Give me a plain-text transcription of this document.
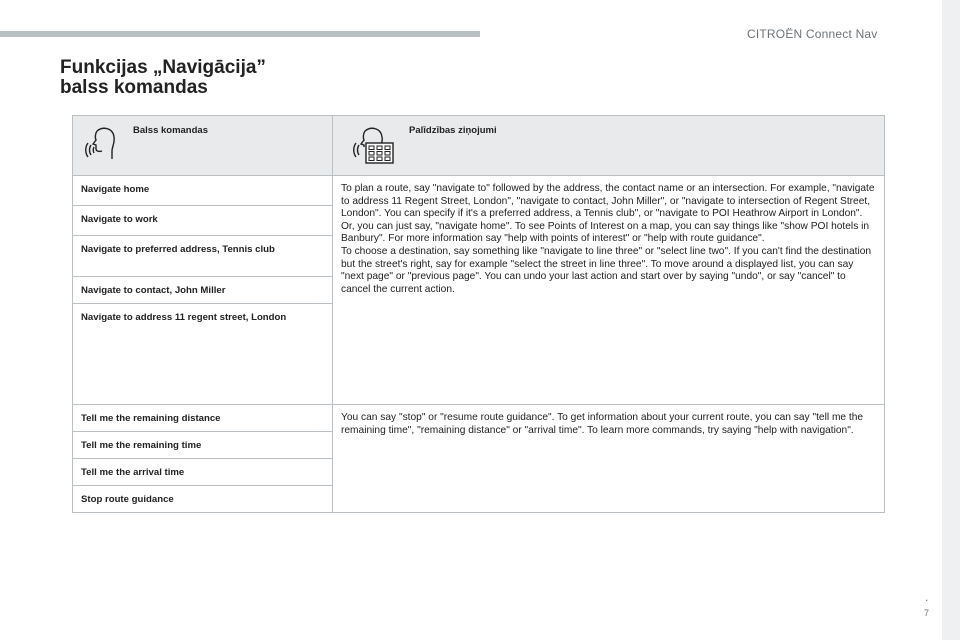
CITROËN Connect Nav
Funkcijas „Navigācija”
balss komandas
Balss komandas	Palīdzības ziņojumi
Navigate home
Navigate to work
Navigate to preferred address, Tennis club
Navigate to contact, John Miller
Navigate to address 11 regent street, London
To plan a route, say "navigate to" followed by the address, the contact name or an intersection. For example, "navigate to address 11 Regent Street, London", "navigate to contact, John Miller", or "navigate to intersection of Regent Street, London". You can specify if it's a preferred address, a Tennis club", or "navigate to POI Heathrow Airport in London". Or, you can just say, "navigate home". To see Points of Interest on a map, you can say things like "show POI hotels in Banbury". For more information say "help with points of interest" or "help with route guidance".
To choose a destination, say something like "navigate to line three" or "select line two". If you can't find the destination but the street's right, say for example "select the street in line three". To move around a displayed list, you can say "next page" or "previous page". You can undo your last action and start over by saying "undo", or say "cancel" to cancel the current action.
Tell me the remaining distance
Tell me the remaining time
Tell me the arrival time
Stop route guidance
You can say "stop" or "resume route guidance". To get information about your current route, you can say "tell me the remaining time", "remaining distance" or "arrival time". To learn more commands, try saying "help with navigation".
.
7
